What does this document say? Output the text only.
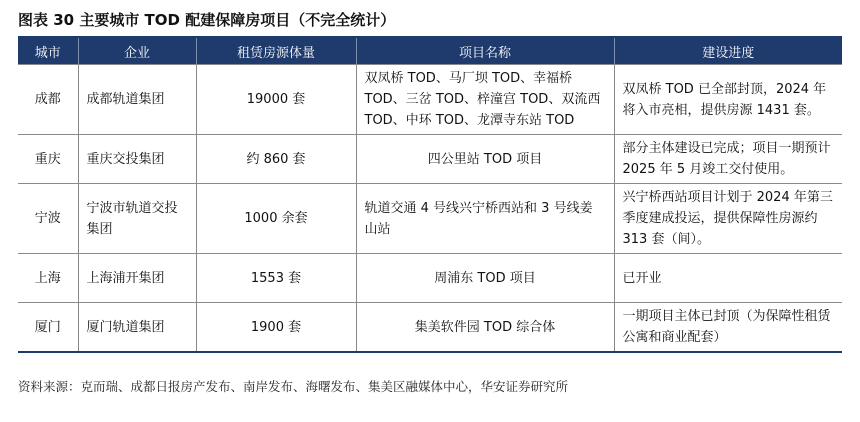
图表 30 主要城市 TOD 配建保障房项目（不完全统计）
城市	企业	租赁房源体量	项目名称	建设进度
成都	成都轨道集团	19000 套	双凤桥 TOD、马厂坝 TOD、幸福桥 TOD、三岔 TOD、梓潼宫 TOD、双流西 TOD、中环 TOD、龙潭寺东站 TOD	双凤桥 TOD 已全部封顶，2024 年将入市亮相，提供房源 1431 套。
重庆	重庆交投集团	约 860 套	四公里站 TOD 项目	部分主体建设已完成；项目一期预计 2025 年 5 月竣工交付使用。
宁波	宁波市轨道交投集团	1000 余套	轨道交通 4 号线兴宁桥西站和 3 号线姜山站	兴宁桥西站项目计划于 2024 年第三季度建成投运，提供保障性房源约 313 套（间）。
上海	上海浦开集团	1553 套	周浦东 TOD 项目	已开业
厦门	厦门轨道集团	1900 套	集美软件园 TOD 综合体	一期项目主体已封顶（为保障性租赁公寓和商业配套）
资料来源：克而瑞、成都日报房产发布、南岸发布、海曙发布、集美区融媒体中心，华安证券研究所
